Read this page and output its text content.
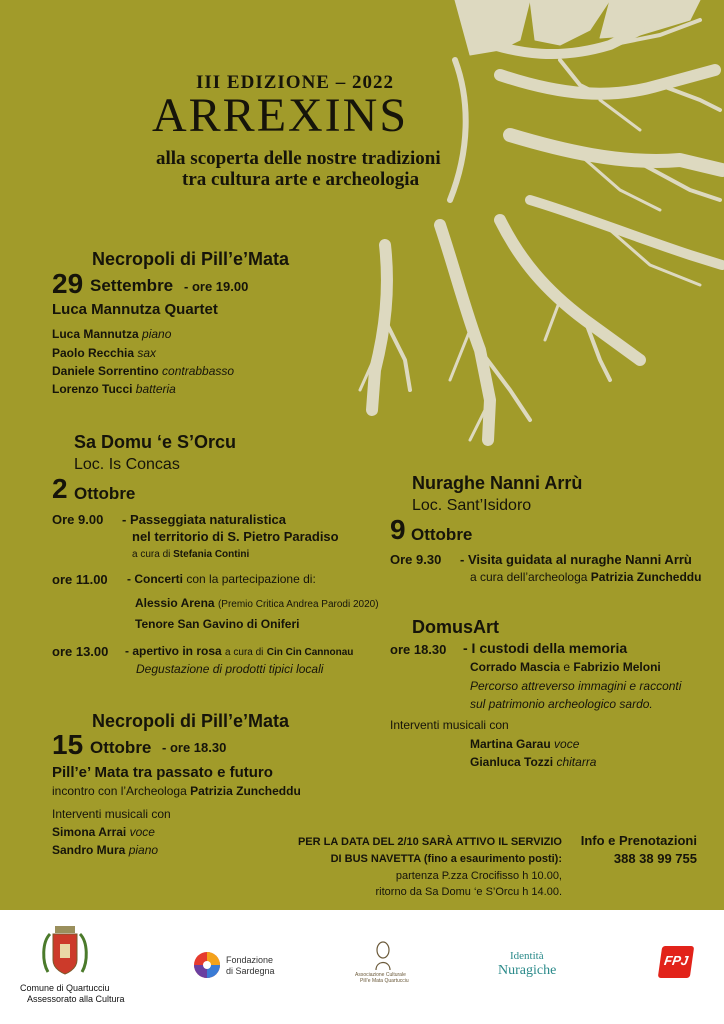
III EDIZIONE – 2022
ARREXINS
alla scoperta delle nostre tradizioni
tra cultura arte e archeologia
Necropoli di Pill’e’Mata
29 Settembre - ore 19.00
Luca Mannutza Quartet
Luca Mannutza piano
Paolo Recchia sax
Daniele Sorrentino contrabbasso
Lorenzo Tucci batteria
Sa Domu ‘e S’Orcu
Loc. Is Concas
2 Ottobre
Ore 9.00 - Passeggiata naturalistica
nel territorio di S. Pietro Paradiso
a cura di Stefania Contini
ore 11.00 - Concerti con la partecipazione di:
Alessio Arena (Premio Critica Andrea Parodi 2020)
Tenore San Gavino di Oniferi
ore 13.00 - apertivo in rosa a cura di Cin Cin Cannonau
Degustazione di prodotti tipici locali
Necropoli di Pill’e’Mata
15 Ottobre - ore 18.30
Pill’e’ Mata tra passato e futuro
incontro con l’Archeologa Patrizia Zuncheddu
Interventi musicali con
Simona Arrai voce
Sandro Mura piano
Nuraghe Nanni Arrù
Loc. Sant’Isidoro
9 Ottobre
Ore 9.30 - Visita guidata al nuraghe Nanni Arrù
a cura dell’archeologa Patrizia Zuncheddu
DomusArt
ore 18.30 - I custodi della memoria
Corrado Mascia e Fabrizio Meloni
Percorso attreverso immagini e racconti
sul patrimonio archeologico sardo.
Interventi musicali con
Martina Garau voce
Gianluca Tozzi chitarra
PER LA DATA DEL 2/10 SARÀ ATTIVO IL SERVIZIO
DI BUS NAVETTA (fino a esaurimento posti):
partenza P.zza Crocifisso h 10.00,
ritorno da Sa Domu ‘e S’Orcu h 14.00.
Info e Prenotazioni
388 38 99 755
Comune di Quartucciu
Assessorato alla Cultura
Fondazione
di Sardegna	Associazione Culturale
Pill’e Mata Quartucciu
Identità
Nuragiche
FPJ
